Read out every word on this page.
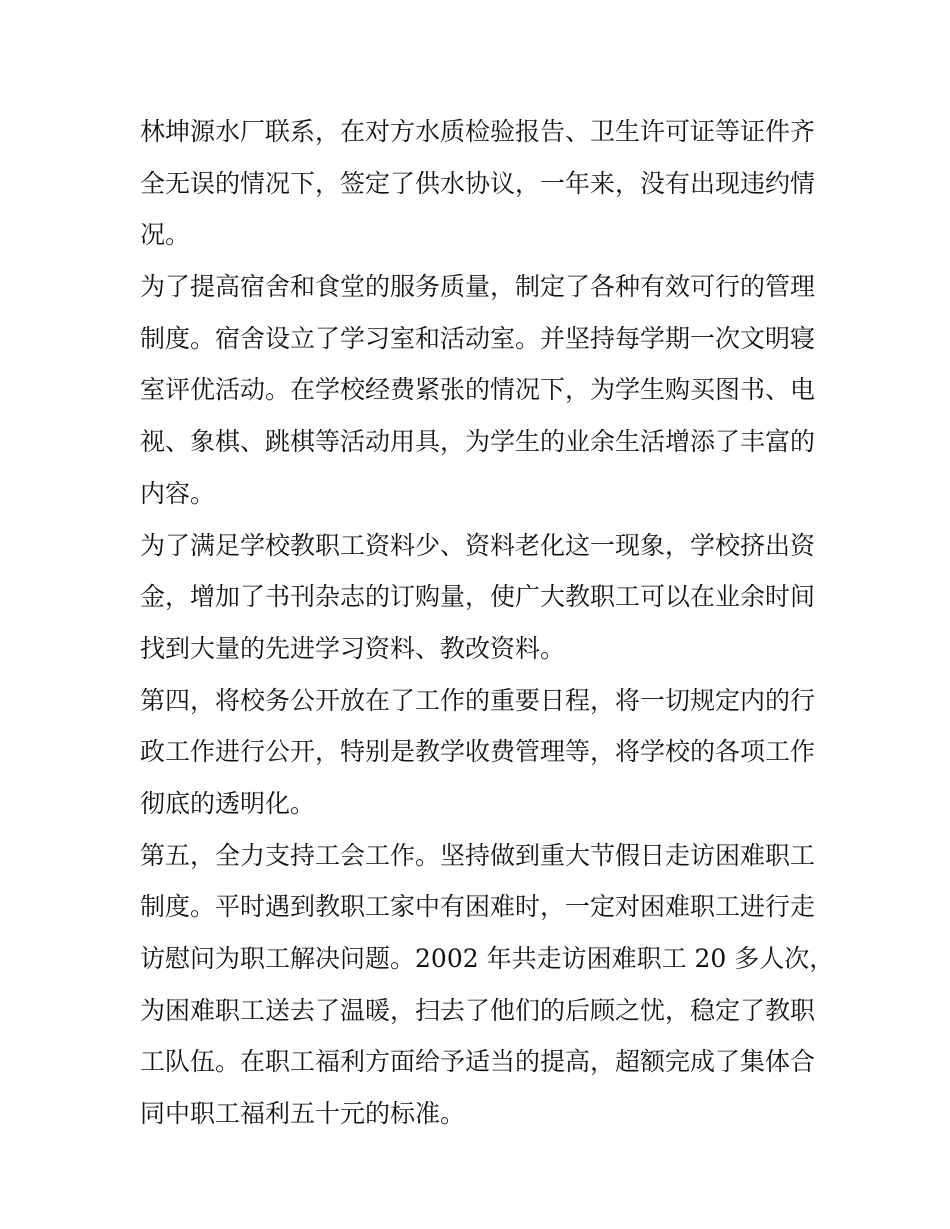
林坤源水厂联系，在对方水质检验报告、卫生许可证等证件齐
全无误的情况下，签定了供水协议，一年来，没有出现违约情
况。
为了提高宿舍和食堂的服务质量，制定了各种有效可行的管理
制度。宿舍设立了学习室和活动室。并坚持每学期一次文明寝
室评优活动。在学校经费紧张的情况下，为学生购买图书、电
视、象棋、跳棋等活动用具，为学生的业余生活增添了丰富的
内容。
为了满足学校教职工资料少、资料老化这一现象，学校挤出资
金，增加了书刊杂志的订购量，使广大教职工可以在业余时间
找到大量的先进学习资料、教改资料。
第四，将校务公开放在了工作的重要日程，将一切规定内的行
政工作进行公开，特别是教学收费管理等，将学校的各项工作
彻底的透明化。
第五，全力支持工会工作。坚持做到重大节假日走访困难职工
制度。平时遇到教职工家中有困难时，一定对困难职工进行走
访慰问为职工解决问题。2002 年共走访困难职工 20 多人次，
为困难职工送去了温暖，扫去了他们的后顾之忧，稳定了教职
工队伍。在职工福利方面给予适当的提高，超额完成了集体合
同中职工福利五十元的标准。
